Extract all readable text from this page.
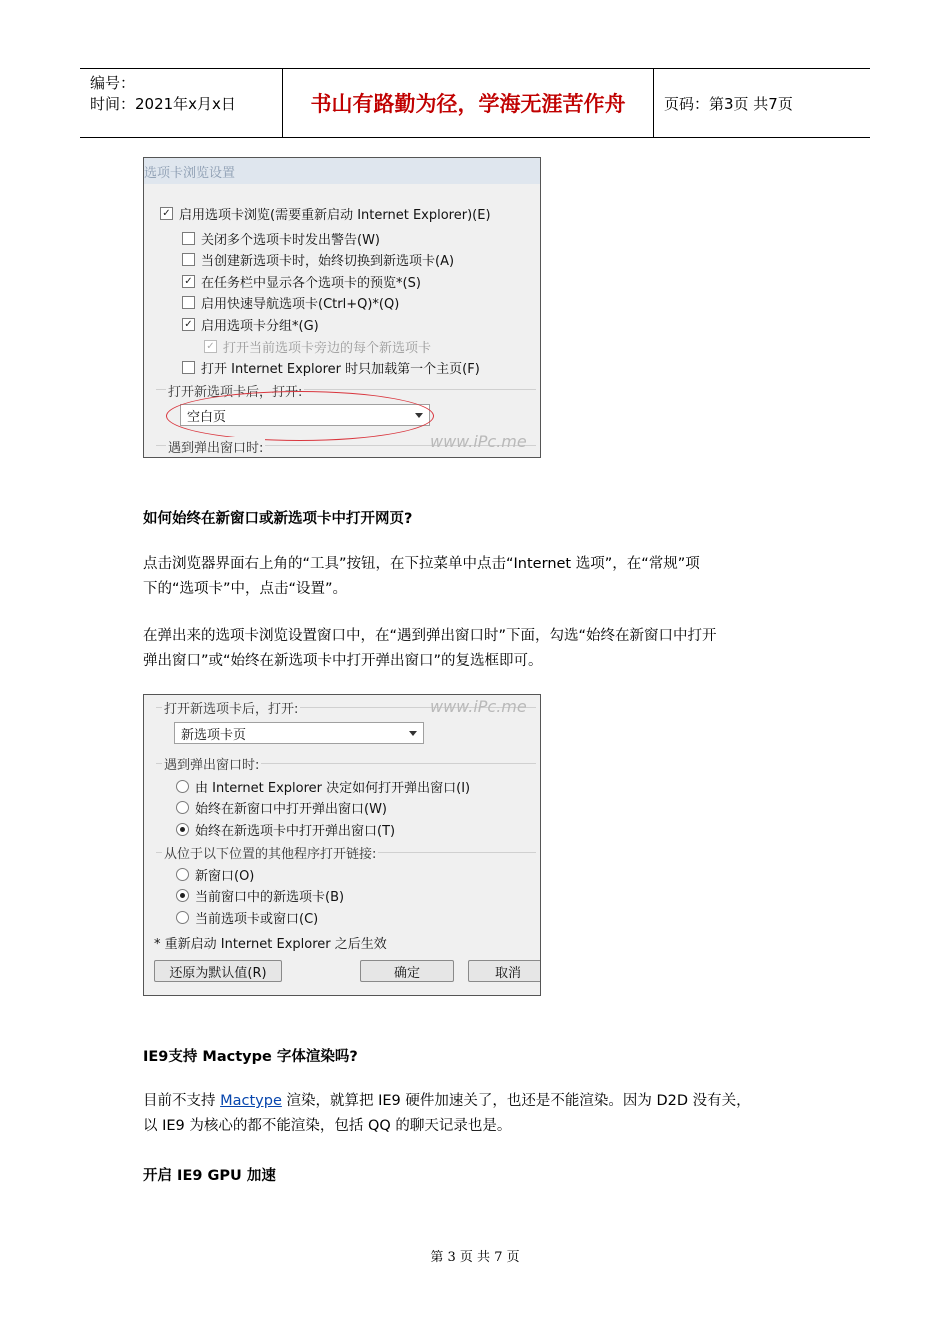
编号：
时间：2021年x月x日	书山有路勤为径，学海无涯苦作舟	页码：第3页 共7页
选项卡浏览设置
✓ 启用选项卡浏览(需要重新启动 Internet Explorer)(E)
关闭多个选项卡时发出警告(W)
当创建新选项卡时，始终切换到新选项卡(A)
✓ 在任务栏中显示各个选项卡的预览*(S)
启用快速导航选项卡(Ctrl+Q)*(Q)
✓ 启用选项卡分组*(G)
✓ 打开当前选项卡旁边的每个新选项卡
打开 Internet Explorer 时只加载第一个主页(F)
打开新选项卡后，打开:
空白页
遇到弹出窗口时:	www.iPc.me
如何始终在新窗口或新选项卡中打开网页?
点击浏览器界面右上角的“工具”按钮，在下拉菜单中点击“Internet 选项”，在“常规”项
下的“选项卡”中，点击“设置”。
在弹出来的选项卡浏览设置窗口中，在“遇到弹出窗口时”下面，勾选“始终在新窗口中打开
弹出窗口”或“始终在新选项卡中打开弹出窗口”的复选框即可。
打开新选项卡后，打开:	www.iPc.me
新选项卡页
遇到弹出窗口时:
由 Internet Explorer 决定如何打开弹出窗口(I)
始终在新窗口中打开弹出窗口(W)
始终在新选项卡中打开弹出窗口(T)
从位于以下位置的其他程序打开链接:
新窗口(O)
当前窗口中的新选项卡(B)
当前选项卡或窗口(C)
* 重新启动 Internet Explorer 之后生效
还原为默认值(R)	确定	取消
IE9支持 Mactype 字体渲染吗?
目前不支持 Mactype 渲染，就算把 IE9 硬件加速关了，也还是不能渲染。因为 D2D 没有关，
以 IE9 为核心的都不能渲染，包括 QQ 的聊天记录也是。
开启 IE9 GPU 加速
第 3 页 共 7 页
